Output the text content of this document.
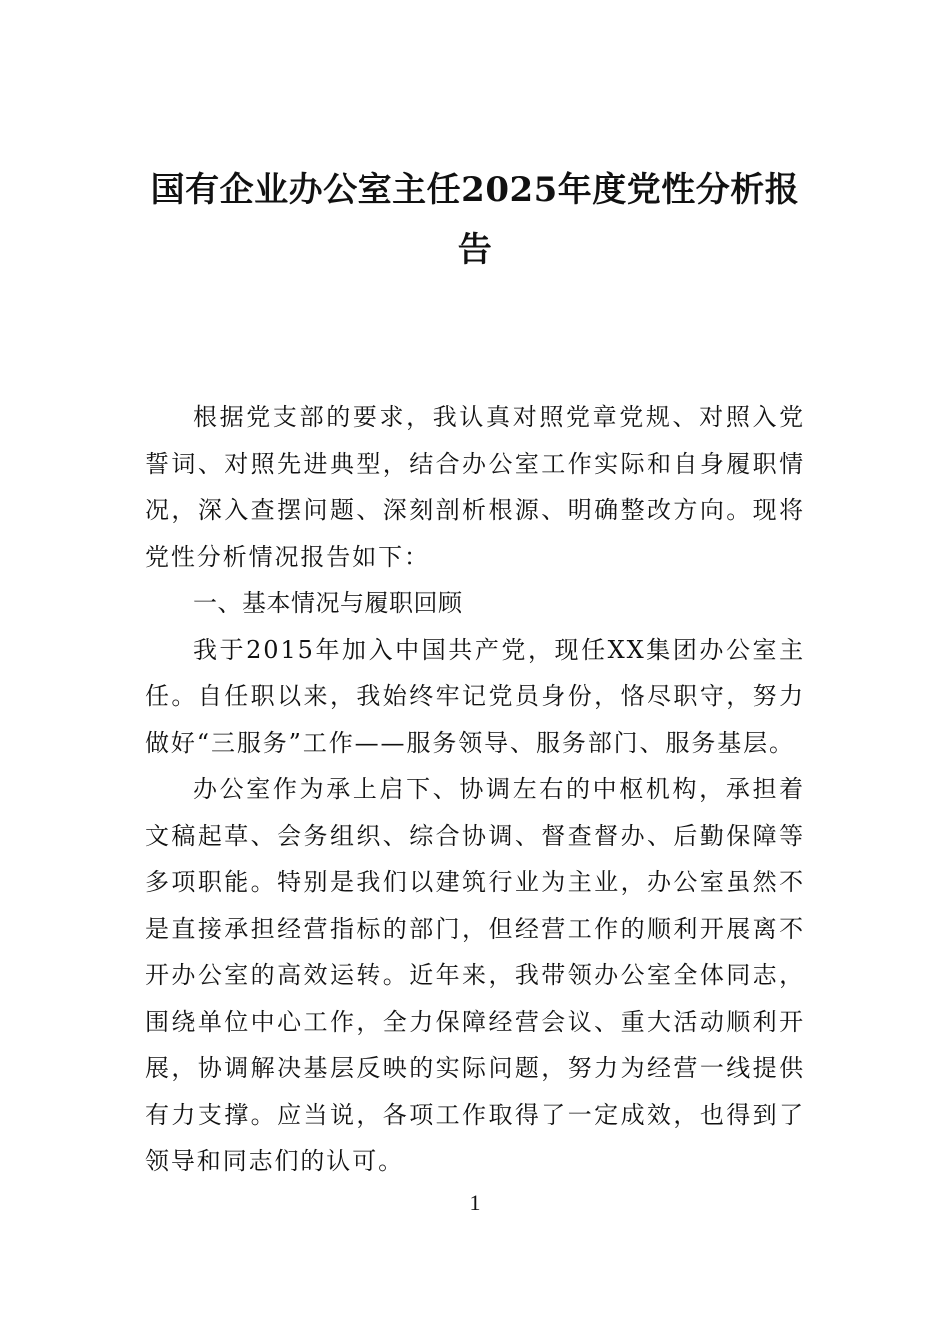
国有企业办公室主任2025年度党性分析报
告

根据党支部的要求，我认真对照党章党规、对照入党誓词、对照先进典型，结合办公室工作实际和自身履职情况，深入查摆问题、深刻剖析根源、明确整改方向。现将党性分析情况报告如下：

一、基本情况与履职回顾

我于2015年加入中国共产党，现任XX集团办公室主任。自任职以来，我始终牢记党员身份，恪尽职守，努力做好“三服务”工作——服务领导、服务部门、服务基层。

办公室作为承上启下、协调左右的中枢机构，承担着文稿起草、会务组织、综合协调、督查督办、后勤保障等多项职能。特别是我们以建筑行业为主业，办公室虽然不是直接承担经营指标的部门，但经营工作的顺利开展离不开办公室的高效运转。近年来，我带领办公室全体同志，围绕单位中心工作，全力保障经营会议、重大活动顺利开展，协调解决基层反映的实际问题，努力为经营一线提供有力支撑。应当说，各项工作取得了一定成效，也得到了领导和同志们的认可。

1
